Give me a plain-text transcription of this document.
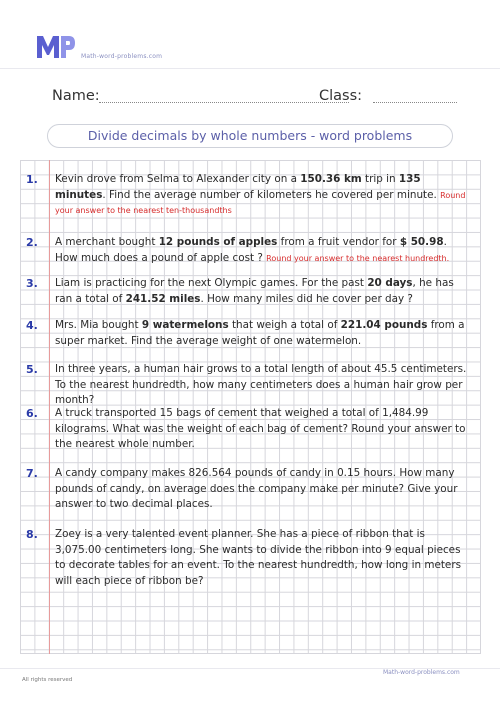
Math-word-problems.com
Name:	Class:
Divide decimals by whole numbers - word problems
1. Kevin drove from Selma to Alexander city on a 150.36 km trip in 135 minutes. Find the average number of kilometers he covered per minute. Round your answer to the nearest ten-thousandths
2. A merchant bought 12 pounds of apples from a fruit vendor for $ 50.98. How much does a pound of apple cost ? Round your answer to the nearest hundredth.
3. Liam is practicing for the next Olympic games. For the past 20 days, he has ran a total of 241.52 miles. How many miles did he cover per day ?
4. Mrs. Mia bought 9 watermelons that weigh a total of 221.04 pounds from a super market. Find the average weight of one watermelon.
5. In three years, a human hair grows to a total length of about 45.5 centimeters. To the nearest hundredth, how many centimeters does a human hair grow per month?
6. A truck transported 15 bags of cement that weighed a total of 1,484.99 kilograms. What was the weight of each bag of cement? Round your answer to the nearest whole number.
7. A candy company makes 826.564 pounds of candy in 0.15 hours. How many pounds of candy, on average does the company make per minute? Give your answer to two decimal places.
8. Zoey is a very talented event planner. She has a piece of ribbon that is 3,075.00 centimeters long. She wants to divide the ribbon into 9 equal pieces to decorate tables for an event. To the nearest hundredth, how long in meters will each piece of ribbon be?
Math-word-problems.com
All rights reserved
